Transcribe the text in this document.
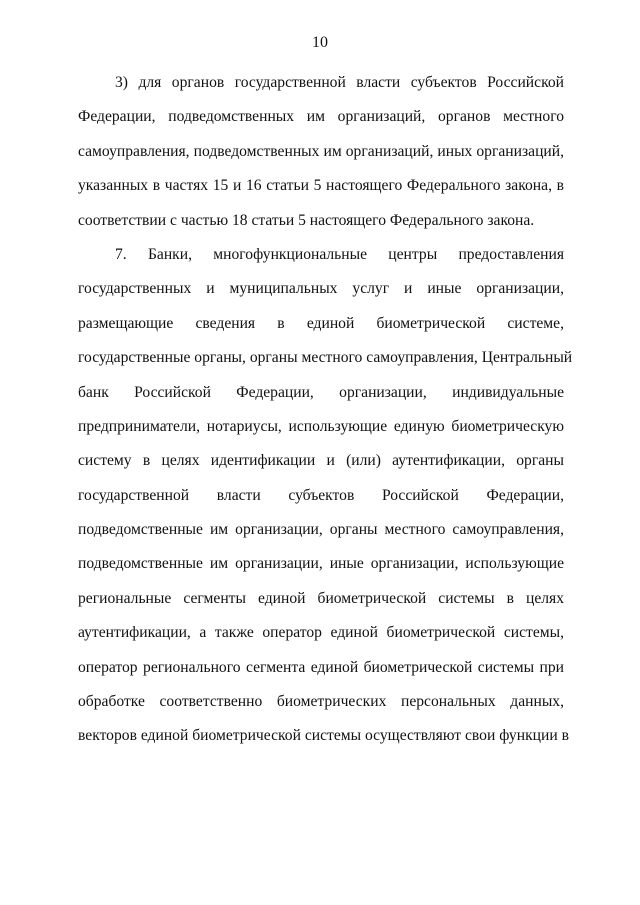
10
3) для органов государственной власти субъектов Российской
Федерации, подведомственных им организаций, органов местного
самоуправления, подведомственных им организаций, иных организаций,
указанных в частях 15 и 16 статьи 5 настоящего Федерального закона, в
соответствии с частью 18 статьи 5 настоящего Федерального закона.
7. Банки, многофункциональные центры предоставления
государственных и муниципальных услуг и иные организации,
размещающие сведения в единой биометрической системе,
государственные органы, органы местного самоуправления, Центральный
банк Российской Федерации, организации, индивидуальные
предприниматели, нотариусы, использующие единую биометрическую
систему в целях идентификации и (или) аутентификации, органы
государственной власти субъектов Российской Федерации,
подведомственные им организации, органы местного самоуправления,
подведомственные им организации, иные организации, использующие
региональные сегменты единой биометрической системы в целях
аутентификации, а также оператор единой биометрической системы,
оператор регионального сегмента единой биометрической системы при
обработке соответственно биометрических персональных данных,
векторов единой биометрической системы осуществляют свои функции в
